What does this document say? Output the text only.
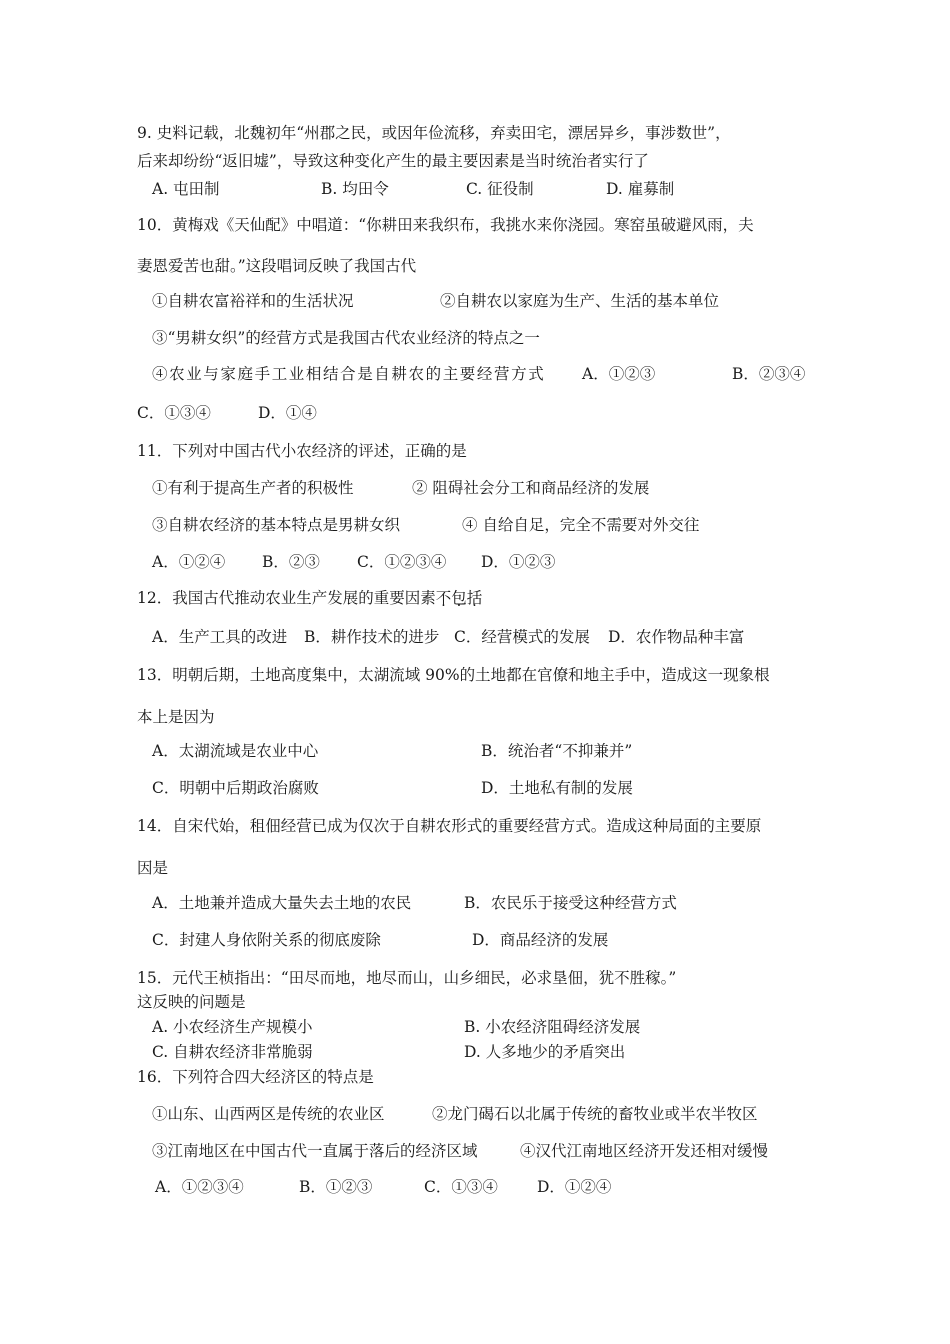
9. 史料记载，北魏初年“州郡之民，或因年俭流移，弃卖田宅，漂居异乡，事涉数世”，
后来却纷纷“返旧墟”，导致这种变化产生的最主要因素是当时统治者实行了
A. 屯田制	B. 均田令	C. 征役制	D. 雇募制
10．黄梅戏《天仙配》中唱道：“你耕田来我织布，我挑水来你浇园。寒窑虽破避风雨，夫
妻恩爱苦也甜。”这段唱词反映了我国古代
①自耕农富裕祥和的生活状况	②自耕农以家庭为生产、生活的基本单位
③“男耕女织”的经营方式是我国古代农业经济的特点之一
④农业与家庭手工业相结合是自耕农的主要经营方式 A．①②③	B．②③④
C．①③④	D．①④
11．下列对中国古代小农经济的评述，正确的是
①有利于提高生产者的积极性	② 阻碍社会分工和商品经济的发展
③自耕农经济的基本特点是男耕女织	④ 自给自足，完全不需要对外交往
A．①②④ B．②③ C．①②③④ D．①②③
12．我国古代推动农业生产发展的重要因素不包括
A．生产工具的改进 B．耕作技术的进步 C．经营模式的发展 D．农作物品种丰富
13．明朝后期，土地高度集中，太湖流域 90%的土地都在官僚和地主手中，造成这一现象根
本上是因为
A．太湖流域是农业中心	B．统治者“不抑兼并”
C．明朝中后期政治腐败	D．土地私有制的发展
14．自宋代始，租佃经营已成为仅次于自耕农形式的重要经营方式。造成这种局面的主要原
因是
A．土地兼并造成大量失去土地的农民	B．农民乐于接受这种经营方式
C．封建人身依附关系的彻底废除	D．商品经济的发展
15．元代王桢指出：“田尽而地，地尽而山，山乡细民，必求垦佃，犹不胜稼。”
这反映的问题是
A. 小农经济生产规模小	B. 小农经济阻碍经济发展
C. 自耕农经济非常脆弱	D. 人多地少的矛盾突出
16．下列符合四大经济区的特点是
①山东、山西两区是传统的农业区	②龙门碣石以北属于传统的畜牧业或半农半牧区
③江南地区在中国古代一直属于落后的经济区域	④汉代江南地区经济开发还相对缓慢
A．①②③④	B．①②③	C．①③④	D．①②④
